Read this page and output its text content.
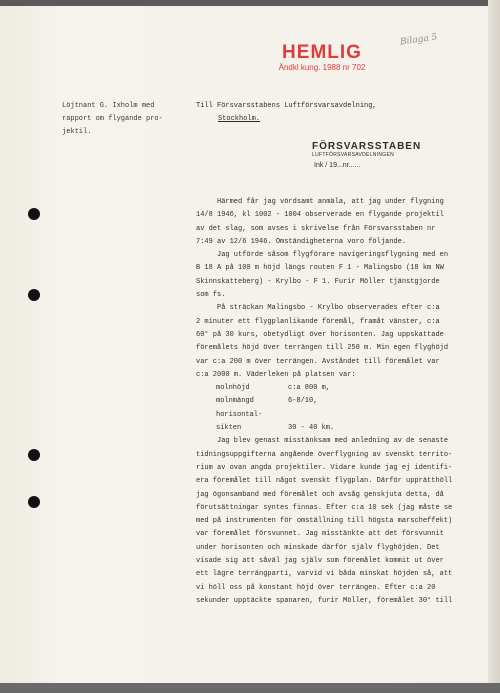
Bilaga 5
HEMLIG
Ändkl kung. 1988 nr 702
Löjtnant G. Ixholm med
rapport om flygande pro-
jektil.
Till Försvarsstabens Luftförsvarsavdelning,
Stockholm.
FÖRSVARSSTABEN
LUFTFÖRSVARSAVDELNINGEN
Ink / 19...nr......
Härmed får jag vördsamt anmäla, att jag under flygning
14/8 1946, kl 1002 - 1004 observerade en flygande projektil
av det slag, som avses i skrivelse från Försvarsstaben nr
7:49 av 12/6 1946. Omständigheterna voro följande.
Jag utförde såsom flygförare navigeringsflygning med en
B 18 A på 100 m höjd längs routen F 1 - Malingsbo (18 km NW
Skinnskatteberg) - Krylbo - F 1. Furir Möller tjänstgjorde
som fs.
På sträckan Malingsbo - Krylbo observerades efter c:a
2 minuter ett flygplanlikande föremål, framåt vänster, c:a
60° på 30 kurs, obetydligt över horisonten. Jag uppskattade
föremålets höjd över terrängen till 250 m. Min egen flyghöjd
var c:a 200 m över terrängen. Avståndet till föremålet var
c:a 2000 m. Väderleken på platsen var:
molnhöjd	c:a 800 m,
molnmängd	6-8/10,
horisontal-
sikten	30 - 40 km.
Jag blev genast misstänksam med anledning av de senaste
tidningsuppgifterna angående överflygning av svenskt territo-
rium av ovan angda projektiler. Vidare kunde jag ej identifi-
era föremålet till något svenskt flygplan. Därför upprätthöll
jag ögonsamband med föremålet och avsåg genskjuta detta, då
förutsättningar syntes finnas. Efter c:a 10 sek (jag måste se
med på instrumenten för omställning till högsta marscheffekt)
var föremålet försvunnet. Jag misstänkte att det försvunnit
under horisonten och minskade därför själv flyghöjden. Det
visade sig att såväl jag själv som föremålet kommit ut över
ett lägre terrängparti, varvid vi båda minskat höjden så, att
vi höll oss på konstant höjd över terrängen. Efter c:a 20
sekunder upptäckte spanaren, furir Möller, föremålet 30° till
